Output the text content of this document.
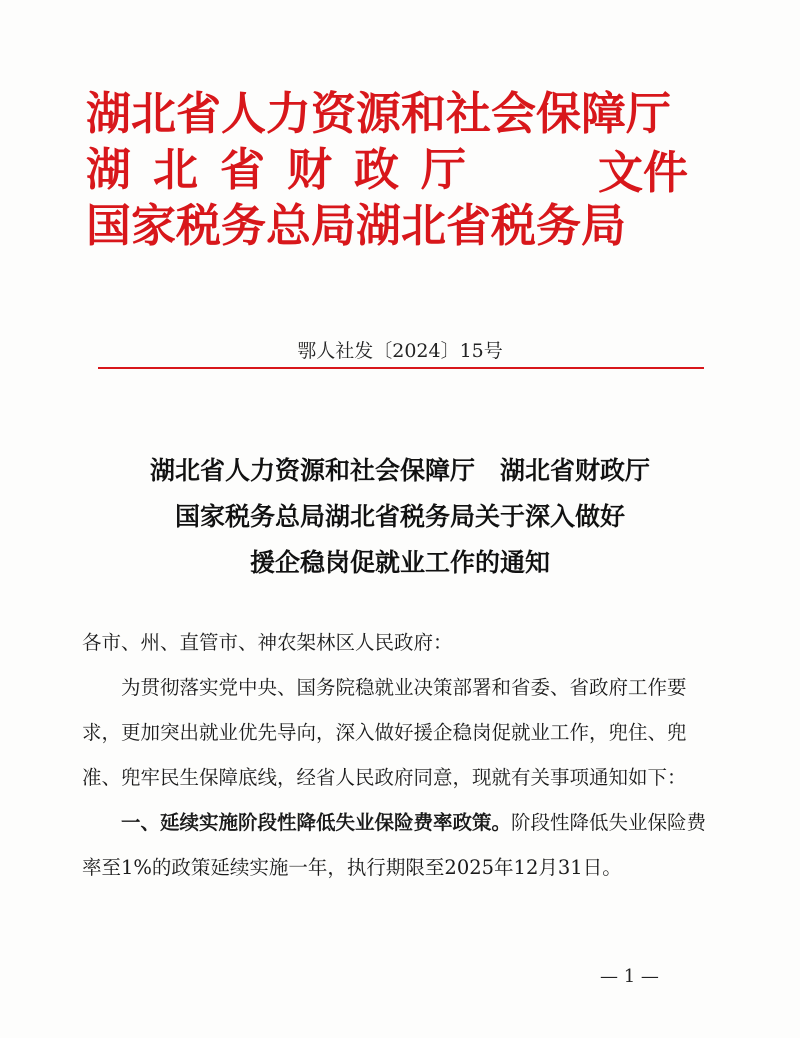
湖北省人力资源和社会保障厅
湖北省财政厅
国家税务总局湖北省税务局
文件
鄂人社发〔2024〕15号
湖北省人力资源和社会保障厅　湖北省财政厅
国家税务总局湖北省税务局关于深入做好
援企稳岗促就业工作的通知

各市、州、直管市、神农架林区人民政府：

为贯彻落实党中央、国务院稳就业决策部署和省委、省政府工作要求，更加突出就业优先导向，深入做好援企稳岗促就业工作，兜住、兜准、兜牢民生保障底线，经省人民政府同意，现就有关事项通知如下：

一、延续实施阶段性降低失业保险费率政策。阶段性降低失业保险费率至1%的政策延续实施一年，执行期限至2025年12月31日。

— 1 —
